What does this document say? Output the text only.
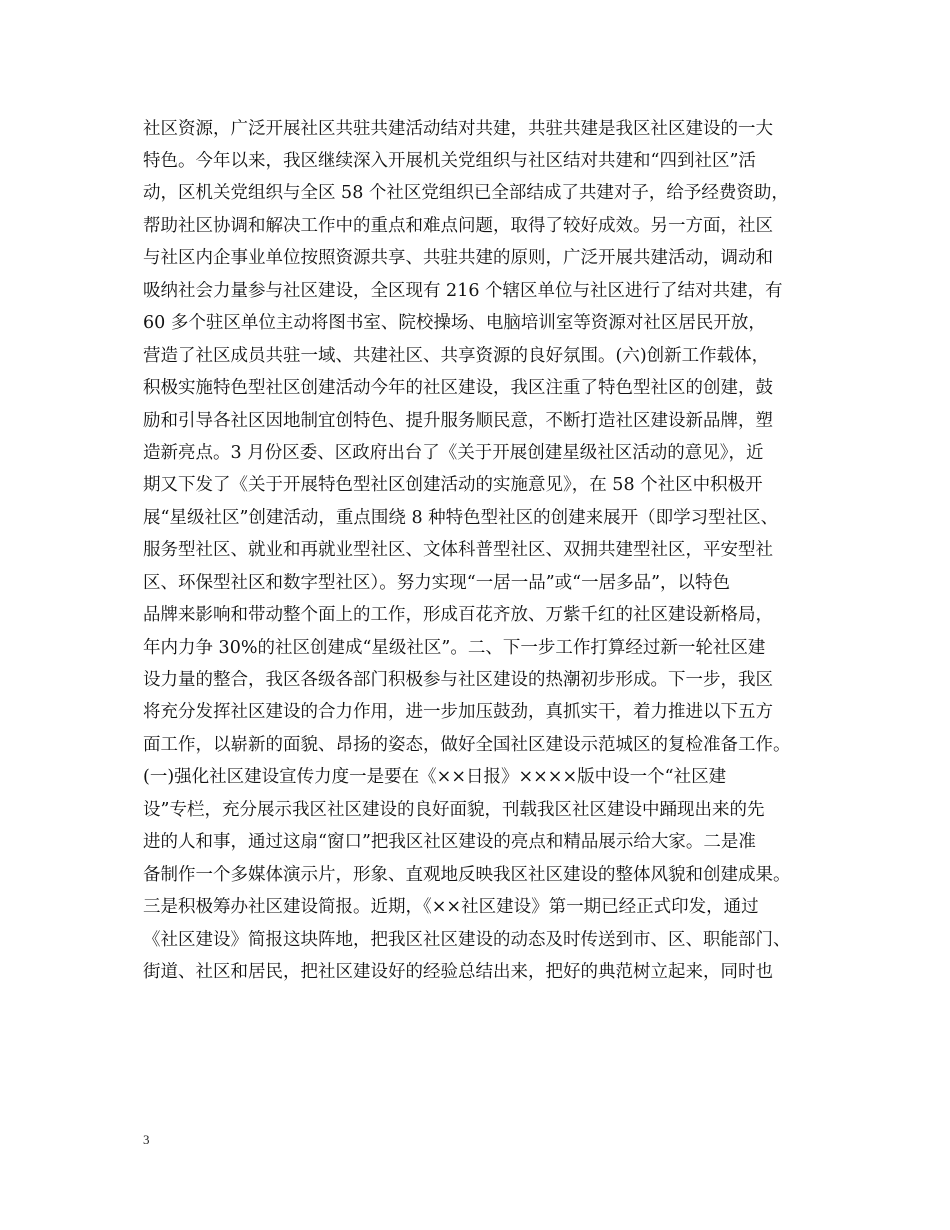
社区资源，广泛开展社区共驻共建活动结对共建，共驻共建是我区社区建设的一大
特色。今年以来，我区继续深入开展机关党组织与社区结对共建和“四到社区”活
动，区机关党组织与全区 58 个社区党组织已全部结成了共建对子，给予经费资助，
帮助社区协调和解决工作中的重点和难点问题，取得了较好成效。另一方面，社区
与社区内企事业单位按照资源共享、共驻共建的原则，广泛开展共建活动，调动和
吸纳社会力量参与社区建设，全区现有 216 个辖区单位与社区进行了结对共建，有
60 多个驻区单位主动将图书室、院校操场、电脑培训室等资源对社区居民开放，
营造了社区成员共驻一域、共建社区、共享资源的良好氛围。(六)创新工作载体，
积极实施特色型社区创建活动今年的社区建设，我区注重了特色型社区的创建，鼓
励和引导各社区因地制宜创特色、提升服务顺民意，不断打造社区建设新品牌，塑
造新亮点。3 月份区委、区政府出台了《关于开展创建星级社区活动的意见》，近
期又下发了《关于开展特色型社区创建活动的实施意见》，在 58 个社区中积极开
展“星级社区”创建活动，重点围绕 8 种特色型社区的创建来展开（即学习型社区、
服务型社区、就业和再就业型社区、文体科普型社区、双拥共建型社区，平安型社
区、环保型社区和数字型社区）。努力实现“一居一品”或“一居多品”，以特色
品牌来影响和带动整个面上的工作，形成百花齐放、万紫千红的社区建设新格局，
年内力争 30%的社区创建成“星级社区”。二、下一步工作打算经过新一轮社区建
设力量的整合，我区各级各部门积极参与社区建设的热潮初步形成。下一步，我区
将充分发挥社区建设的合力作用，进一步加压鼓劲，真抓实干，着力推进以下五方
面工作，以崭新的面貌、昂扬的姿态，做好全国社区建设示范城区的复检准备工作。
(一)强化社区建设宣传力度一是要在《××日报》××××版中设一个“社区建
设”专栏，充分展示我区社区建设的良好面貌，刊载我区社区建设中踊现出来的先
进的人和事，通过这扇“窗口”把我区社区建设的亮点和精品展示给大家。二是准
备制作一个多媒体演示片，形象、直观地反映我区社区建设的整体风貌和创建成果。
三是积极筹办社区建设简报。近期，《××社区建设》第一期已经正式印发，通过
《社区建设》简报这块阵地，把我区社区建设的动态及时传送到市、区、职能部门、
街道、社区和居民，把社区建设好的经验总结出来，把好的典范树立起来，同时也
3
